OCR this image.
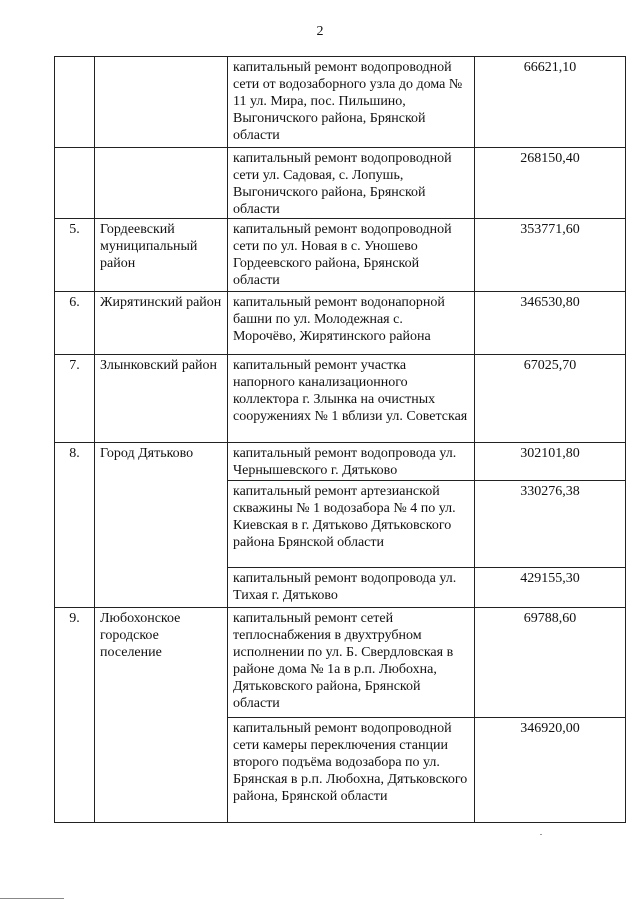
2
		капитальный ремонт водопроводной сети от водозаборного узла до дома № 11 ул. Мира, пос. Пильшино, Выгоничского района, Брянской области	66621,10
		капитальный ремонт водопроводной сети ул. Садовая, с. Лопушь, Выгоничского района, Брянской области	268150,40
5.	Гордеевский муниципальный район	капитальный ремонт водопроводной сети по ул. Новая в с. Уношево Гордеевского района, Брянской области	353771,60
6.	Жирятинский район	капитальный ремонт водонапорной башни по ул. Молодежная с. Морочёво, Жирятинского района	346530,80
7.	Злынковский район	капитальный ремонт участка напорного канализационного коллектора г. Злынка на очистных сооружениях № 1 вблизи ул. Советская	67025,70
8.	Город Дятьково	капитальный ремонт водопровода ул. Чернышевского г. Дятьково	302101,80
		капитальный ремонт артезианской скважины № 1 водозабора № 4 по ул. Киевская в г. Дятьково Дятьковского района Брянской области	330276,38
		капитальный ремонт водопровода ул. Тихая г. Дятьково	429155,30
9.	Любохонское городское поселение	капитальный ремонт сетей теплоснабжения в двухтрубном исполнении по ул. Б. Свердловская в районе дома № 1а в р.п. Любохна, Дятьковского района, Брянской области	69788,60
		капитальный ремонт водопроводной сети камеры переключения станции второго подъёма водозабора по ул. Брянская в р.п. Любохна, Дятьковского района, Брянской области	346920,00
